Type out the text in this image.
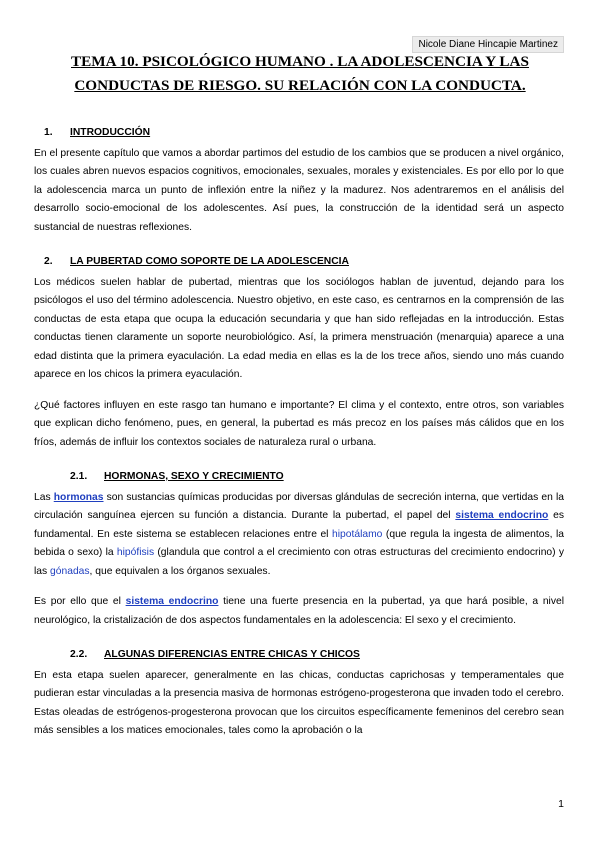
Nicole Diane Hincapie Martinez
TEMA 10. PSICOLÓGICO HUMANO . LA ADOLESCENCIA Y LAS
CONDUCTAS DE RIESGO. SU RELACIÓN CON LA CONDUCTA.
1. INTRODUCCIÓN

En el presente capítulo que vamos a abordar partimos del estudio de los cambios que se producen a nivel orgánico, los cuales abren nuevos espacios cognitivos, emocionales, sexuales, morales y existenciales. Es por ello por lo que la adolescencia marca un punto de inflexión entre la niñez y la madurez. Nos adentraremos en el análisis del desarrollo socio-emocional de los adolescentes. Así pues, la construcción de la identidad será un aspecto sustancial de nuestras reflexiones.

2. LA PUBERTAD COMO SOPORTE DE LA ADOLESCENCIA

Los médicos suelen hablar de pubertad, mientras que los sociólogos hablan de juventud, dejando para los psicólogos el uso del término adolescencia. Nuestro objetivo, en este caso, es centrarnos en la comprensión de las conductas de esta etapa que ocupa la educación secundaria y que han sido reflejadas en la introducción. Estas conductas tienen claramente un soporte neurobiológico. Así, la primera menstruación (menarquia) aparece a una edad distinta que la primera eyaculación. La edad media en ellas es la de los trece años, siendo uno más cuando aparece en los chicos la primera eyaculación.

¿Qué factores influyen en este rasgo tan humano e importante? El clima y el contexto, entre otros, son variables que explican dicho fenómeno, pues, en general, la pubertad es más precoz en los países más cálidos que en los fríos, además de influir los contextos sociales de naturaleza rural o urbana.

2.1. HORMONAS, SEXO Y CRECIMIENTO

Las hormonas son sustancias químicas producidas por diversas glándulas de secreción interna, que vertidas en la circulación sanguínea ejercen su función a distancia. Durante la pubertad, el papel del sistema endocrino es fundamental. En este sistema se establecen relaciones entre el hipotálamo (que regula la ingesta de alimentos, la bebida o sexo) la hipófisis (glandula que control a el crecimiento con otras estructuras del crecimiento endocrino) y las gónadas, que equivalen a los órganos sexuales.

Es por ello que el sistema endocrino tiene una fuerte presencia en la pubertad, ya que hará posible, a nivel neurológico, la cristalización de dos aspectos fundamentales en la adolescencia: El sexo y el crecimiento.

2.2. ALGUNAS DIFERENCIAS ENTRE CHICAS Y CHICOS

En esta etapa suelen aparecer, generalmente en las chicas, conductas caprichosas y temperamentales que pudieran estar vinculadas a la presencia masiva de hormonas estrógeno-progesterona que invaden todo el cerebro. Estas oleadas de estrógenos-progesterona provocan que los circuitos específicamente femeninos del cerebro sean más sensibles a los matices emocionales, tales como la aprobación o la

1
